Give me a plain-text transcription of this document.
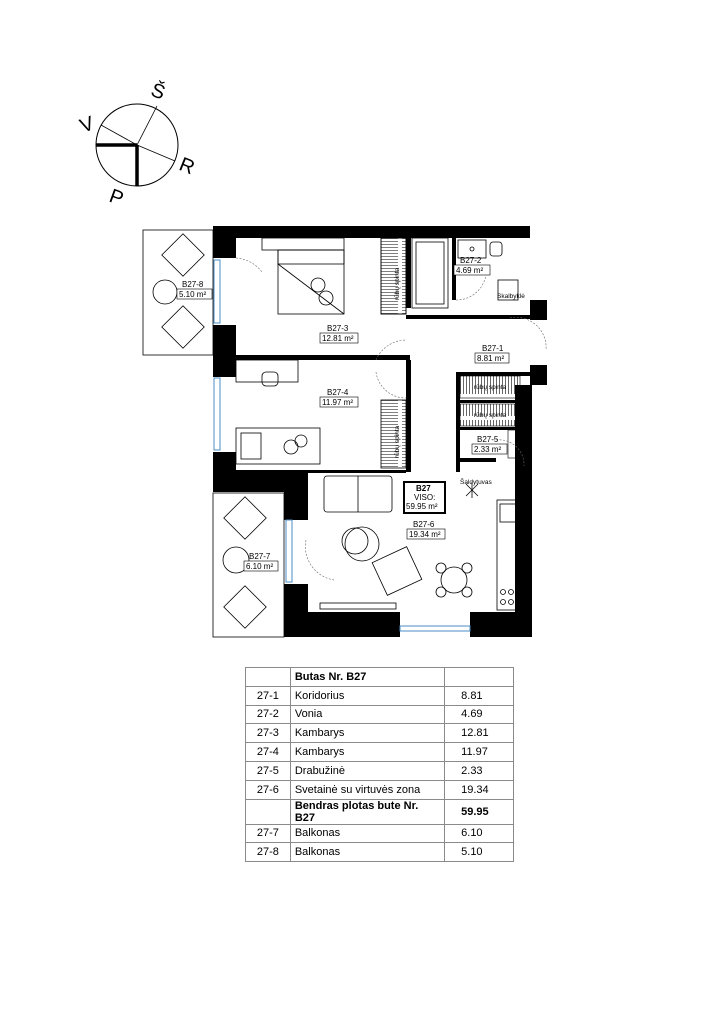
Š
R
P
V
rūbų spinta
rūbų spinta
Skalbyklė
rūbų spinta
rūbų spinta
Šaldytuvas
B27-3
12.81 m²
B27-4
11.97 m²
B27-2
4.69 m²
B27-1
8.81 m²
B27-5
2.33 m²
B27-6
19.34 m²
B27-8
5.10 m²
B27-7
6.10 m²
B27
VISO:
59.95 m²
	Butas Nr. B27	
27-1	Koridorius	8.81
27-2	Vonia	4.69
27-3	Kambarys	12.81
27-4	Kambarys	11.97
27-5	Drabužinė	2.33
27-6	Svetainė su virtuvės zona	19.34
	Bendras plotas bute Nr. B27	59.95
27-7	Balkonas	6.10
27-8	Balkonas	5.10
